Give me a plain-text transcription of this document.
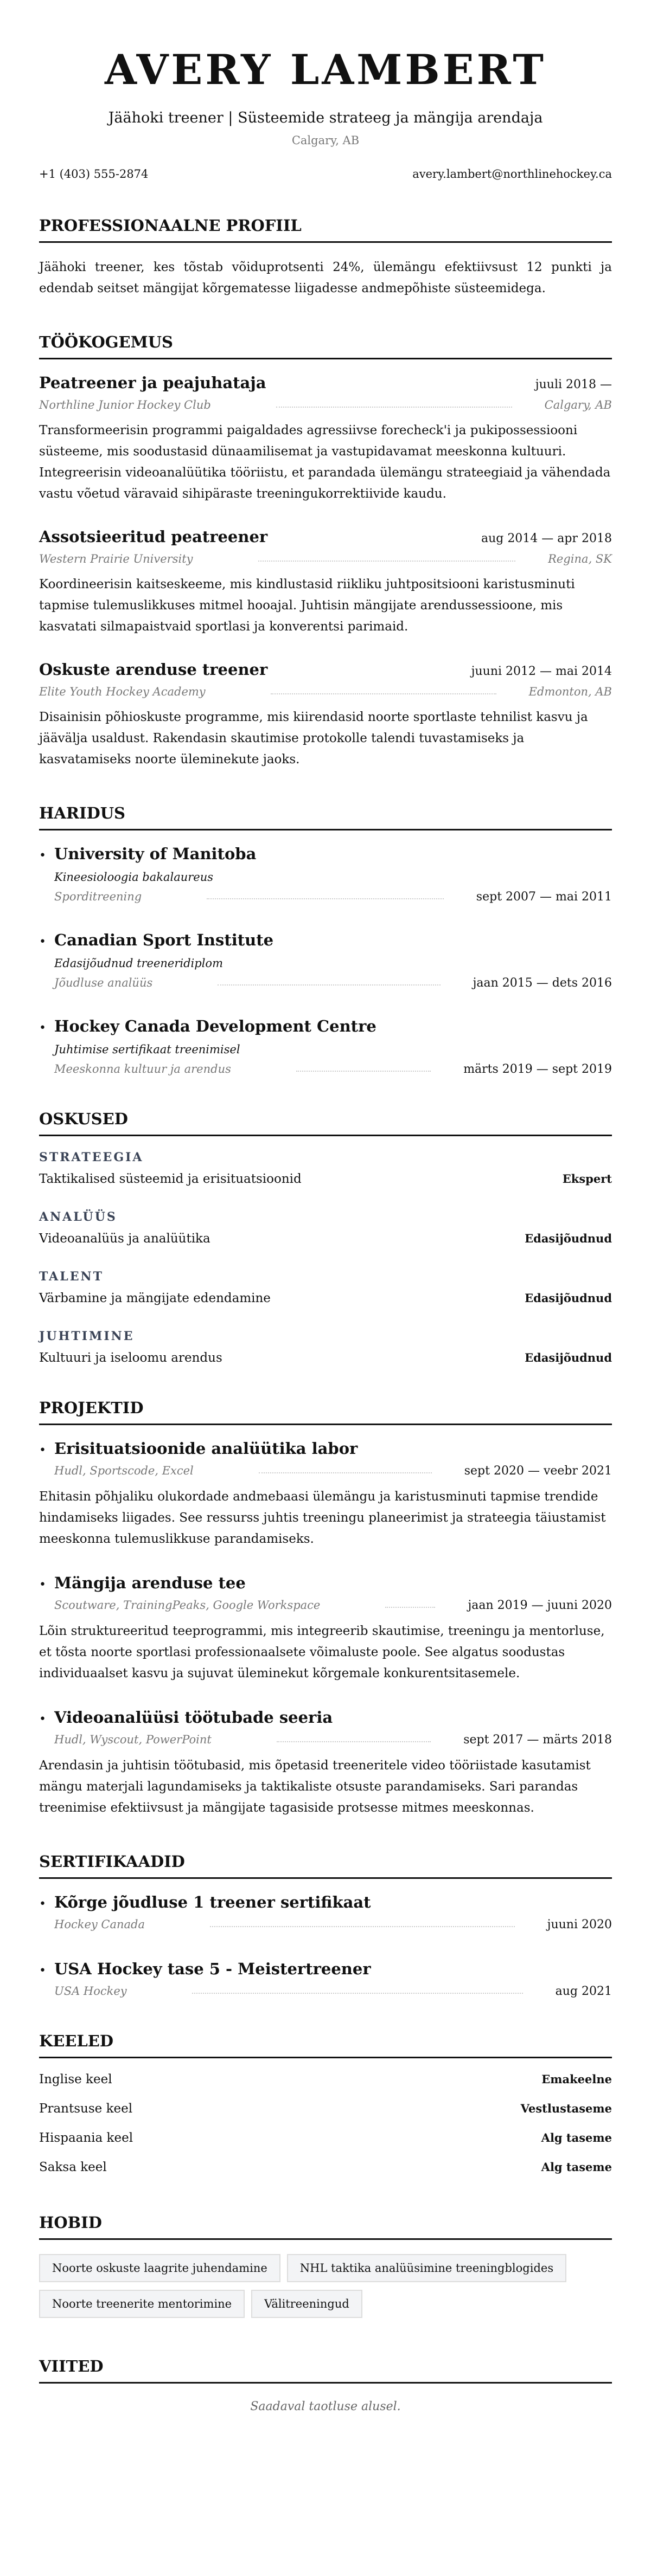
AVERY LAMBERT
Jäähoki treener | Süsteemide strateeg ja mängija arendaja
Calgary, AB
+1 (403) 555-2874	avery.lambert@northlinehockey.ca
PROFESSIONAALNE PROFIIL

Jäähoki treener, kes tõstab võiduprotsenti 24%, ülemängu efektiivsust 12 punkti ja edendab seitset mängijat kõrgematesse liigadesse andmepõhiste süsteemidega.

TÖÖKOGEMUS
Peatreener ja peajuhataja	juuli 2018 —
Northline Junior Hockey Club	Calgary, AB

Transformeerisin programmi paigaldades agressiivse forecheck'i ja pukipossessiooni süsteeme, mis soodustasid dünaamilisemat ja vastupidavamat meeskonna kultuuri. Integreerisin videoanalüütika tööriistu, et parandada ülemängu strateegiaid ja vähendada vastu võetud väravaid sihipäraste treeningukorrektiivide kaudu.

Assotsieeritud peatreener	aug 2014 — apr 2018
Western Prairie University	Regina, SK

Koordineerisin kaitseskeeme, mis kindlustasid riikliku juhtpositsiooni karistusminuti tapmise tulemuslikkuses mitmel hooajal. Juhtisin mängijate arendussessioone, mis kasvatati silmapaistvaid sportlasi ja konverentsi parimaid.

Oskuste arenduse treener	juuni 2012 — mai 2014
Elite Youth Hockey Academy	Edmonton, AB

Disainisin põhioskuste programme, mis kiirendasid noorte sportlaste tehnilist kasvu ja jäävälja usaldust. Rakendasin skautimise protokolle talendi tuvastamiseks ja kasvatamiseks noorte üleminekute jaoks.

HARIDUS
• University of Manitoba
Kineesioloogia bakalaureus
Sporditreening	sept 2007 — mai 2011
• Canadian Sport Institute
Edasijõudnud treeneridiplom
Jõudluse analüüs	jaan 2015 — dets 2016
• Hockey Canada Development Centre
Juhtimise sertifikaat treenimisel
Meeskonna kultuur ja arendus	märts 2019 — sept 2019
OSKUSED
STRATEEGIA
Taktikalised süsteemid ja erisituatsioonid	Ekspert
ANALÜÜS
Videoanalüüs ja analüütika	Edasijõudnud
TALENT
Värbamine ja mängijate edendamine	Edasijõudnud
JUHTIMINE
Kultuuri ja iseloomu arendus	Edasijõudnud
PROJEKTID
• Erisituatsioonide analüütika labor
Hudl, Sportscode, Excel	sept 2020 — veebr 2021

Ehitasin põhjaliku olukordade andmebaasi ülemängu ja karistusminuti tapmise trendide hindamiseks liigades. See ressurss juhtis treeningu planeerimist ja strateegia täiustamist meeskonna tulemuslikkuse parandamiseks.

• Mängija arenduse tee
Scoutware, TrainingPeaks, Google Workspace	jaan 2019 — juuni 2020

Lõin struktureeritud teeprogrammi, mis integreerib skautimise, treeningu ja mentorluse, et tõsta noorte sportlasi professionaalsete võimaluste poole. See algatus soodustas individuaalset kasvu ja sujuvat üleminekut kõrgemale konkurentsitasemele.

• Videoanalüüsi töötubade seeria
Hudl, Wyscout, PowerPoint	sept 2017 — märts 2018

Arendasin ja juhtisin töötubasid, mis õpetasid treeneritele video tööriistade kasutamist mängu materjali lagundamiseks ja taktikaliste otsuste parandamiseks. Sari parandas treenimise efektiivsust ja mängijate tagasiside protsesse mitmes meeskonnas.

SERTIFIKAADID
• Kõrge jõudluse 1 treener sertifikaat
Hockey Canada	juuni 2020
• USA Hockey tase 5 - Meistertreener
USA Hockey	aug 2021
KEELED
Inglise keel	Emakeelne
Prantsuse keel	Vestlustaseme
Hispaania keel	Alg taseme
Saksa keel	Alg taseme
HOBID
Noorte oskuste laagrite juhendamine	NHL taktika analüüsimine treeningblogides
Noorte treenerite mentorimine	Välitreeningud
VIITED
Saadaval taotluse alusel.
